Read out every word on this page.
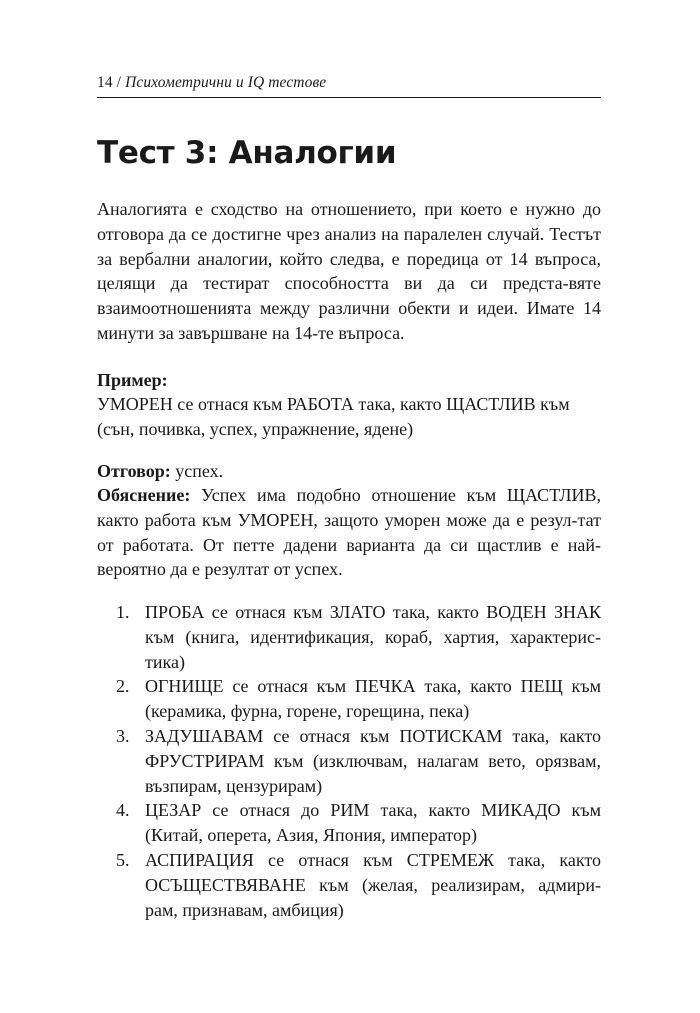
14 / Психометрични и IQ тестове
Тест 3: Аналогии

Аналогията е сходство на отношението, при което е нужно до отговора да се достигне чрез анализ на паралелен случай. Тестът за вербални аналогии, който следва, е поредица от 14 въпроса, целящи да тестират способността ви да си предста-вяте взаимоотношенията между различни обекти и идеи. Имате 14 минути за завършване на 14-те въпроса.

Пример:
УМОРЕН се отнася към РАБОТА така, както ЩАСТЛИВ към
(сън, почивка, успех, упражнение, ядене)
Отговор: успех.
Обяснение: Успех има подобно отношение към ЩАСТЛИВ, както работа към УМОРЕН, защото уморен може да е резул-тат от работата. От петте дадени варианта да си щастлив е най-вероятно да е резултат от успех.
1. ПРОБА се отнася към ЗЛАТО така, както ВОДЕН ЗНАК
към (книга, идентификация, кораб, хартия, характерис-
тика)
2. ОГНИЩЕ се отнася към ПЕЧКА така, както ПЕЩ към
(керамика, фурна, горене, горещина, пека)
3. ЗАДУШАВАМ се отнася към ПОТИСКАМ така, както
ФРУСТРИРАМ към (изключвам, налагам вето, орязвам,
възпирам, цензурирам)
4. ЦЕЗАР се отнася до РИМ така, както МИКАДО към
(Китай, оперета, Азия, Япония, император)
5. АСПИРАЦИЯ се отнася към СТРЕМЕЖ така, както
ОСЪЩЕСТВЯВАНЕ към (желая, реализирам, адмири-
рам, признавам, амбиция)
